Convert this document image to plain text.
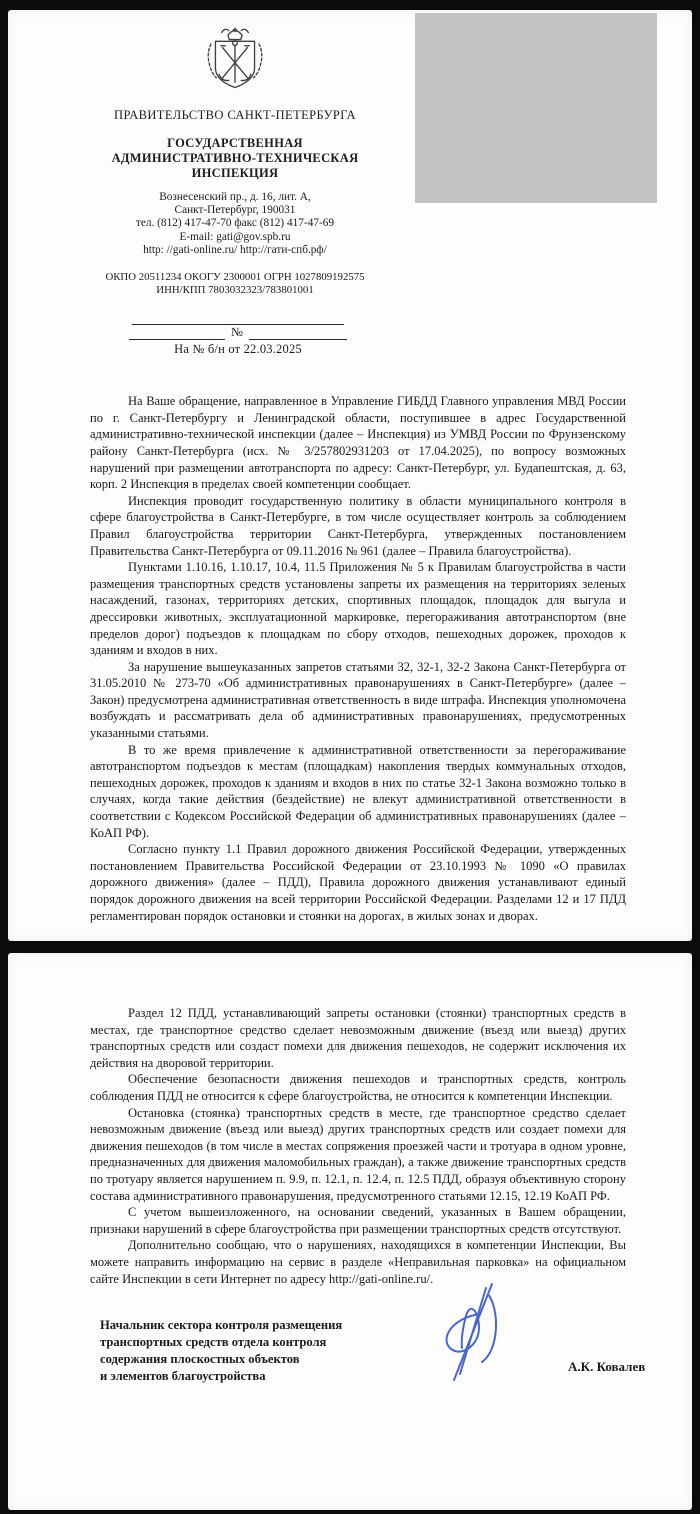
ПРАВИТЕЛЬСТВО САНКТ-ПЕТЕРБУРГА
ГОСУДАРСТВЕННАЯ
АДМИНИСТРАТИВНО-ТЕХНИЧЕСКАЯ
ИНСПЕКЦИЯ
Вознесенский пр., д. 16, лит. А,
Санкт-Петербург, 190031
тел. (812) 417-47-70 факс (812) 417-47-69
E-mail: gati@gov.spb.ru
http: //gati-online.ru/ http://гати-спб.рф/
ОКПО 20511234 ОКОГУ 2300001 ОГРН 1027809192575
ИНН/КПП 7803032323/783801001
№
На № б/н от 22.03.2025

На Ваше обращение, направленное в Управление ГИБДД Главного управления МВД России по г. Санкт-Петербургу и Ленинградской области, поступившее в адрес Государственной административно-технической инспекции (далее – Инспекция) из УМВД России по Фрунзенскому району Санкт-Петербурга (исх. № 3/257802931203 от 17.04.2025), по вопросу возможных нарушений при размещении автотранспорта по адресу: Санкт-Петербург, ул. Будапештская, д. 63, корп. 2 Инспекция в пределах своей компетенции сообщает.

Инспекция проводит государственную политику в области муниципального контроля в сфере благоустройства в Санкт-Петербурге, в том числе осуществляет контроль за соблюдением Правил благоустройства территории Санкт-Петербурга, утвержденных постановлением Правительства Санкт-Петербурга от 09.11.2016 № 961 (далее – Правила благоустройства).

Пунктами 1.10.16, 1.10.17, 10.4, 11.5 Приложения № 5 к Правилам благоустройства в части размещения транспортных средств установлены запреты их размещения на территориях зеленых насаждений, газонах, территориях детских, спортивных площадок, площадок для выгула и дрессировки животных, эксплуатационной маркировке, перегораживания автотранспортом (вне пределов дорог) подъездов к площадкам по сбору отходов, пешеходных дорожек, проходов к зданиям и входов в них.

За нарушение вышеуказанных запретов статьями 32, 32-1, 32-2 Закона Санкт-Петербурга от 31.05.2010 № 273-70 «Об административных правонарушениях в Санкт-Петербурге» (далее – Закон) предусмотрена административная ответственность в виде штрафа. Инспекция уполномочена возбуждать и рассматривать дела об административных правонарушениях, предусмотренных указанными статьями.

В то же время привлечение к административной ответственности за перегораживание автотранспортом подъездов к местам (площадкам) накопления твердых коммунальных отходов, пешеходных дорожек, проходов к зданиям и входов в них по статье 32-1 Закона возможно только в случаях, когда такие действия (бездействие) не влекут административной ответственности в соответствии с Кодексом Российской Федерации об административных правонарушениях (далее – КоАП РФ).

Согласно пункту 1.1 Правил дорожного движения Российской Федерации, утвержденных постановлением Правительства Российской Федерации от 23.10.1993 № 1090 «О правилах дорожного движения» (далее – ПДД), Правила дорожного движения устанавливают единый порядок дорожного движения на всей территории Российской Федерации. Разделами 12 и 17 ПДД регламентирован порядок остановки и стоянки на дорогах, в жилых зонах и дворах.

Раздел 12 ПДД, устанавливающий запреты остановки (стоянки) транспортных средств в местах, где транспортное средство сделает невозможным движение (въезд или выезд) других транспортных средств или создаст помехи для движения пешеходов, не содержит исключения их действия на дворовой территории.

Обеспечение безопасности движения пешеходов и транспортных средств, контроль соблюдения ПДД не относится к сфере благоустройства, не относится к компетенции Инспекции.

Остановка (стоянка) транспортных средств в месте, где транспортное средство сделает невозможным движение (въезд или выезд) других транспортных средств или создает помехи для движения пешеходов (в том числе в местах сопряжения проезжей части и тротуара в одном уровне, предназначенных для движения маломобильных граждан), а также движение транспортных средств по тротуару является нарушением п. 9.9, п. 12.1, п. 12.4, п. 12.5 ПДД, образуя объективную сторону состава административного правонарушения, предусмотренного статьями 12.15, 12.19 КоАП РФ.

С учетом вышеизложенного, на основании сведений, указанных в Вашем обращении, признаки нарушений в сфере благоустройства при размещении транспортных средств отсутствуют.

Дополнительно сообщаю, что о нарушениях, находящихся в компетенции Инспекции, Вы можете направить информацию на сервис в разделе «Неправильная парковка» на официальном сайте Инспекции в сети Интернет по адресу http://gati-online.ru/.

Начальник сектора контроля размещения
транспортных средств отдела контроля
содержания плоскостных объектов
и элементов благоустройства
А.К. Ковалев
